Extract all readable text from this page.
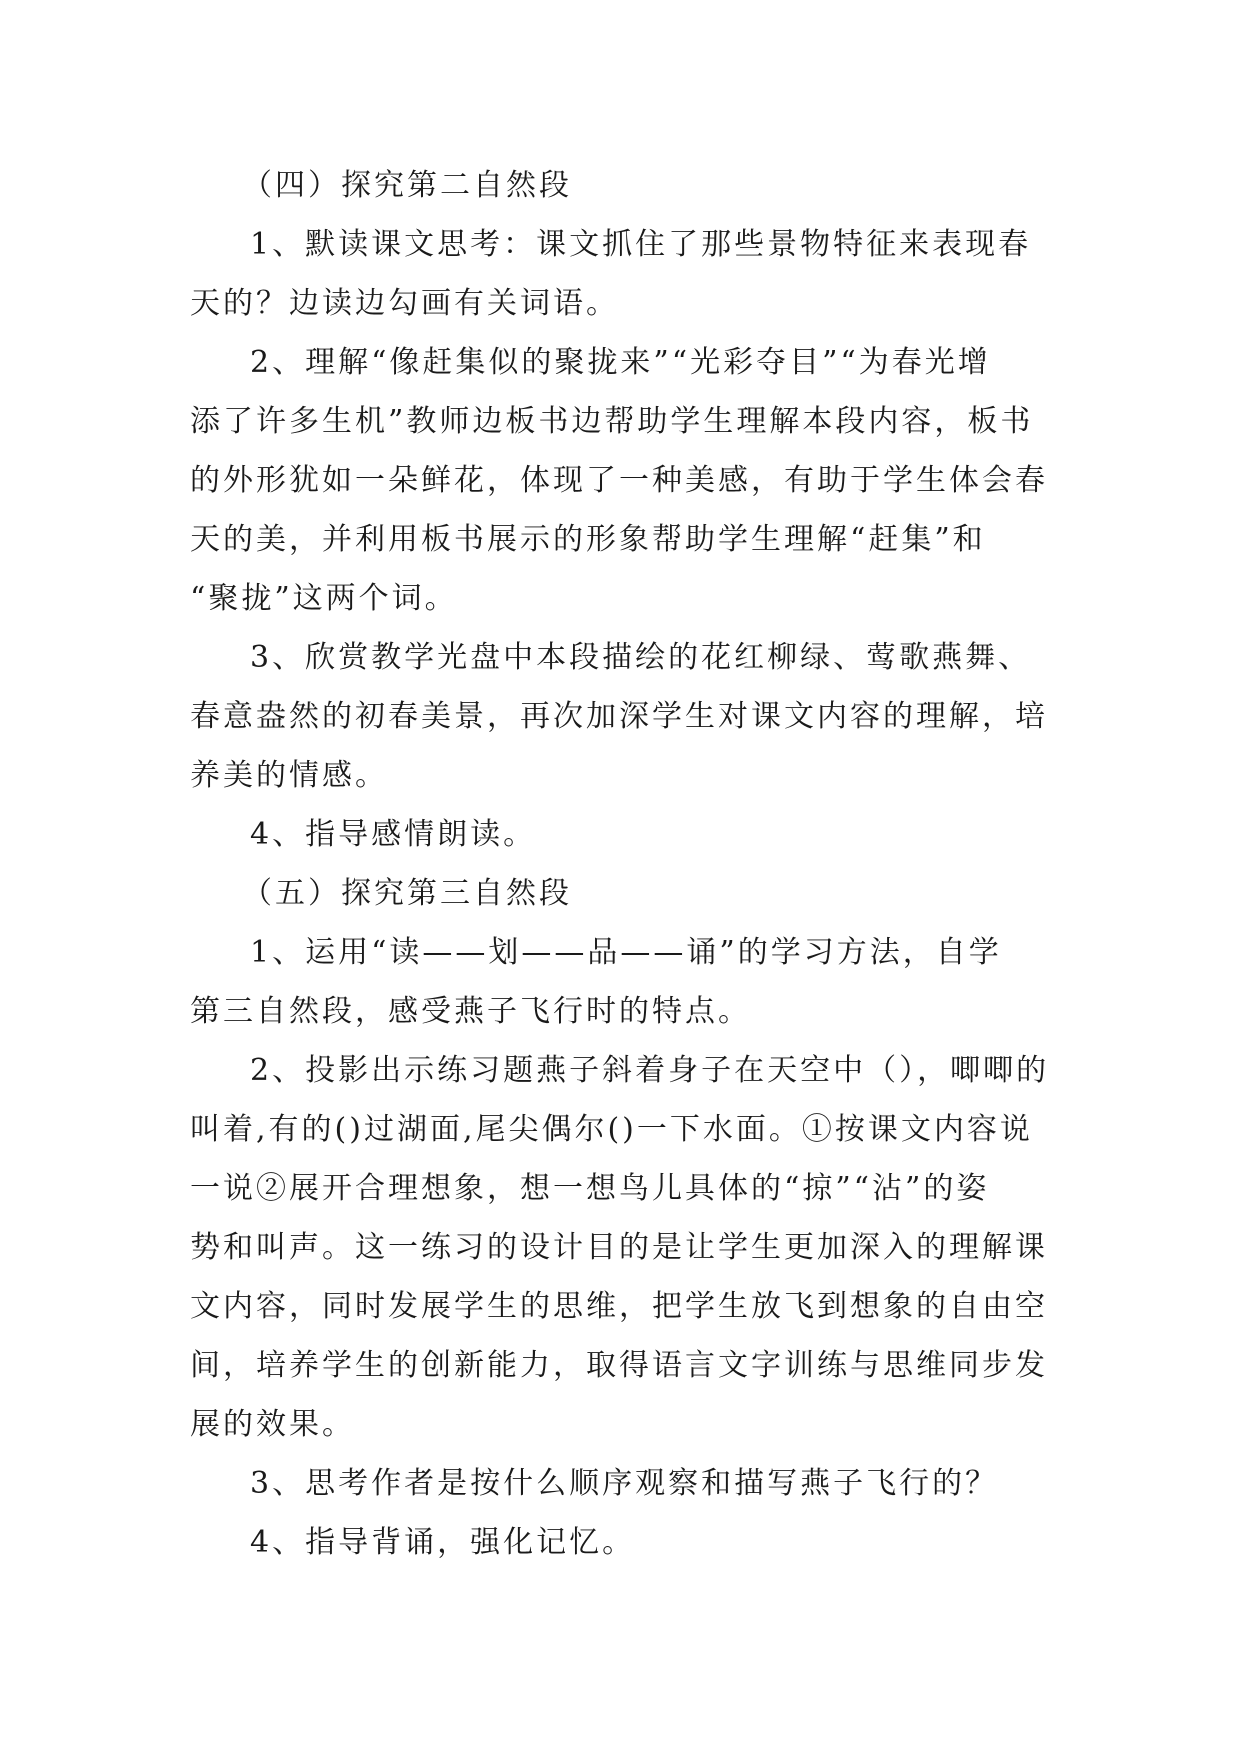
（四）探究第二自然段
1、默读课文思考：课文抓住了那些景物特征来表现春
天的？边读边勾画有关词语。
2、理解“像赶集似的聚拢来”“光彩夺目”“为春光增
添了许多生机”教师边板书边帮助学生理解本段内容，板书
的外形犹如一朵鲜花，体现了一种美感，有助于学生体会春
天的美，并利用板书展示的形象帮助学生理解“赶集”和
“聚拢”这两个词。
3、欣赏教学光盘中本段描绘的花红柳绿、莺歌燕舞、
春意盎然的初春美景，再次加深学生对课文内容的理解，培
养美的情感。
4、指导感情朗读。
（五）探究第三自然段
1、运用“读——划——品——诵”的学习方法，自学
第三自然段，感受燕子飞行时的特点。
2、投影出示练习题燕子斜着身子在天空中（），唧唧的
叫着,有的()过湖面,尾尖偶尔()一下水面。①按课文内容说
一说②展开合理想象，想一想鸟儿具体的“掠”“沾”的姿
势和叫声。这一练习的设计目的是让学生更加深入的理解课
文内容，同时发展学生的思维，把学生放飞到想象的自由空
间，培养学生的创新能力，取得语言文字训练与思维同步发
展的效果。
3、思考作者是按什么顺序观察和描写燕子飞行的？
4、指导背诵，强化记忆。
